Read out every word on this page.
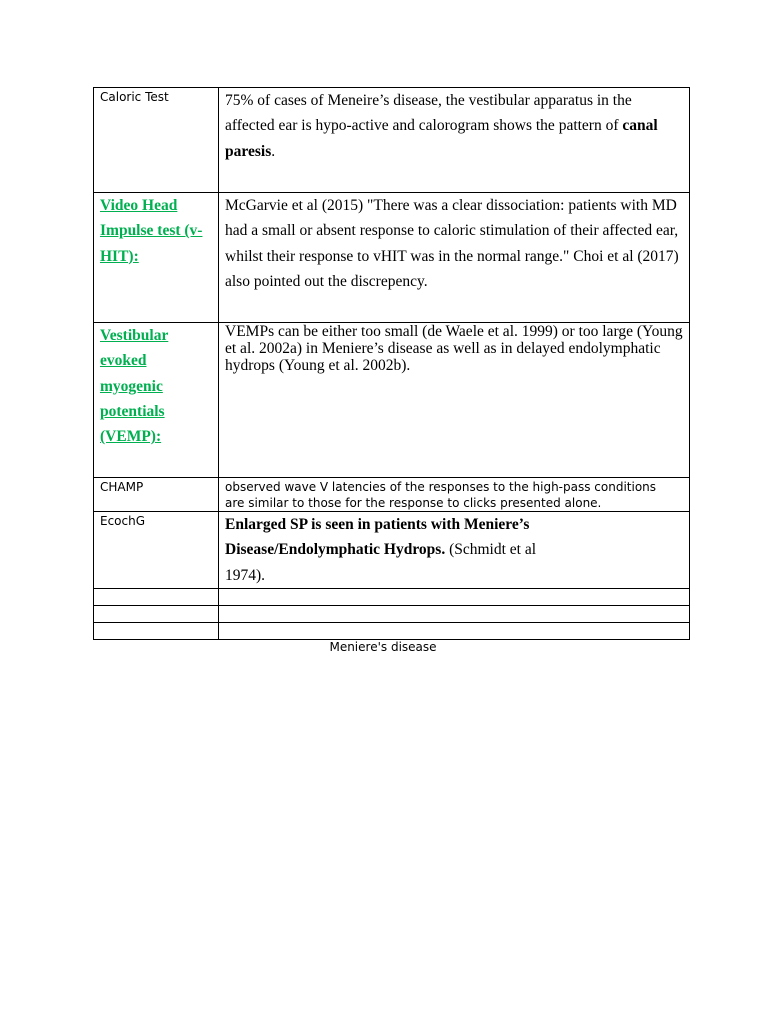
Caloric Test	75% of cases of Meneire’s disease, the vestibular apparatus in the affected ear is hypo-active and calorogram shows the pattern of canal paresis.

Video Head Impulse test (v-HIT):	McGarvie et al (2015) "There was a clear dissociation: patients with MD had a small or absent response to caloric stimulation of their affected ear, whilst their response to vHIT was in the normal range." Choi et al (2017) also pointed out the discrepency.

Vestibular evoked myogenic potentials (VEMP):	VEMPs can be either too small (de Waele et al. 1999) or too large (Young et al. 2002a) in Meniere’s disease as well as in delayed endolymphatic hydrops (Young et al. 2002b).

CHAMP	observed wave V latencies of the responses to the high-pass conditions are similar to those for the response to clicks presented alone.

EcochG	Enlarged SP is seen in patients with Meniere’s Disease/Endolymphatic Hydrops. (Schmidt et al 1974).

Meniere's disease
